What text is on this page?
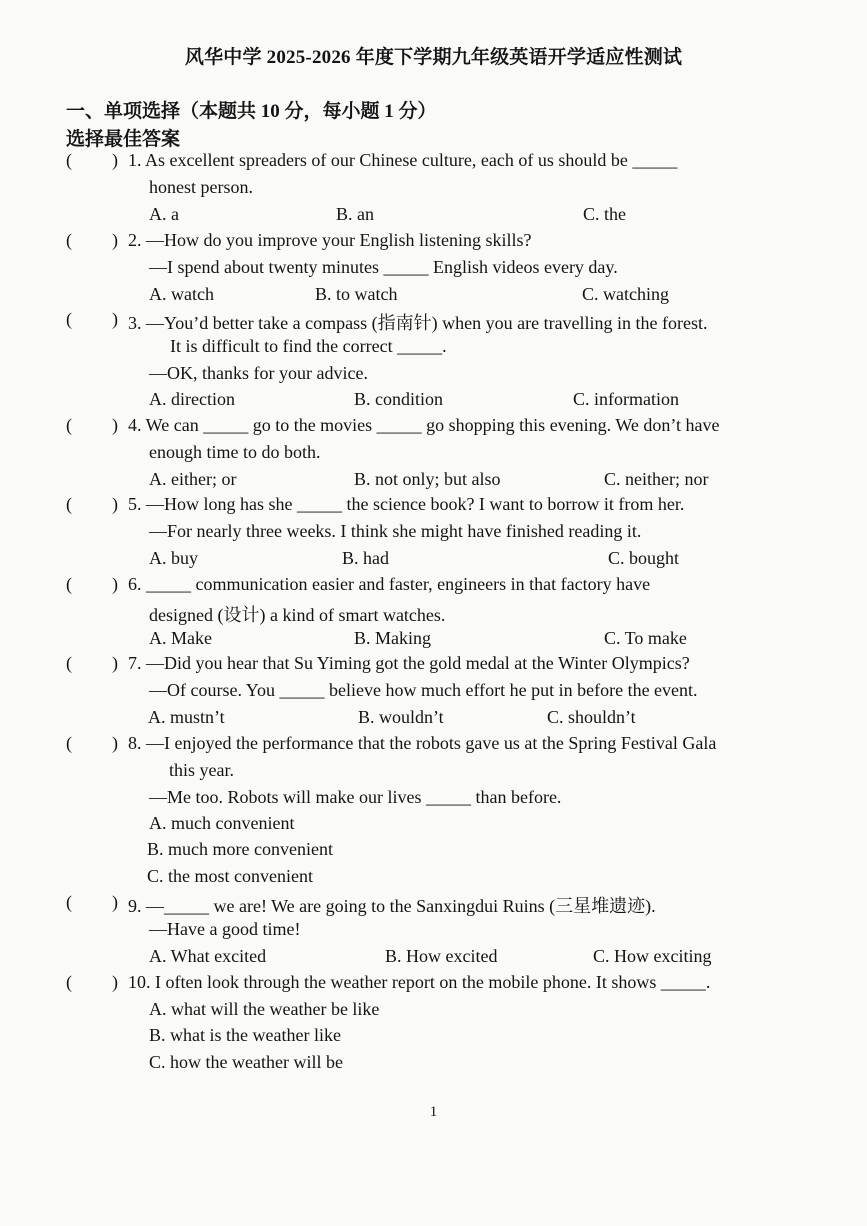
风华中学 2025-2026 年度下学期九年级英语开学适应性测试
一、单项选择（本题共 10 分，每小题 1 分）
选择最佳答案
( ) 1. As excellent spreaders of our Chinese culture, each of us should be _____
honest person.
A. a	B. an	C. the
( ) 2. —How do you improve your English listening skills?
—I spend about twenty minutes _____ English videos every day.
A. watch	B. to watch	C. watching
( ) 3. —You’d better take a compass (指南针) when you are travelling in the forest.
It is difficult to find the correct _____.
—OK, thanks for your advice.
A. direction	B. condition	C. information
( ) 4. We can _____ go to the movies _____ go shopping this evening. We don’t have
enough time to do both.
A. either; or	B. not only; but also	C. neither; nor
( ) 5. —How long has she _____ the science book? I want to borrow it from her.
—For nearly three weeks. I think she might have finished reading it.
A. buy	B. had	C. bought
( ) 6. _____ communication easier and faster, engineers in that factory have
designed (设计) a kind of smart watches.
A. Make	B. Making	C. To make
( ) 7. —Did you hear that Su Yiming got the gold medal at the Winter Olympics?
—Of course. You _____ believe how much effort he put in before the event.
A. mustn’t	B. wouldn’t	C. shouldn’t
( ) 8. —I enjoyed the performance that the robots gave us at the Spring Festival Gala
this year.
—Me too. Robots will make our lives _____ than before.
A. much convenient
B. much more convenient
C. the most convenient
( ) 9. —_____ we are! We are going to the Sanxingdui Ruins (三星堆遗迹).
—Have a good time!
A. What excited	B. How excited	C. How exciting
( ) 10. I often look through the weather report on the mobile phone. It shows _____.
A. what will the weather be like
B. what is the weather like
C. how the weather will be
1
